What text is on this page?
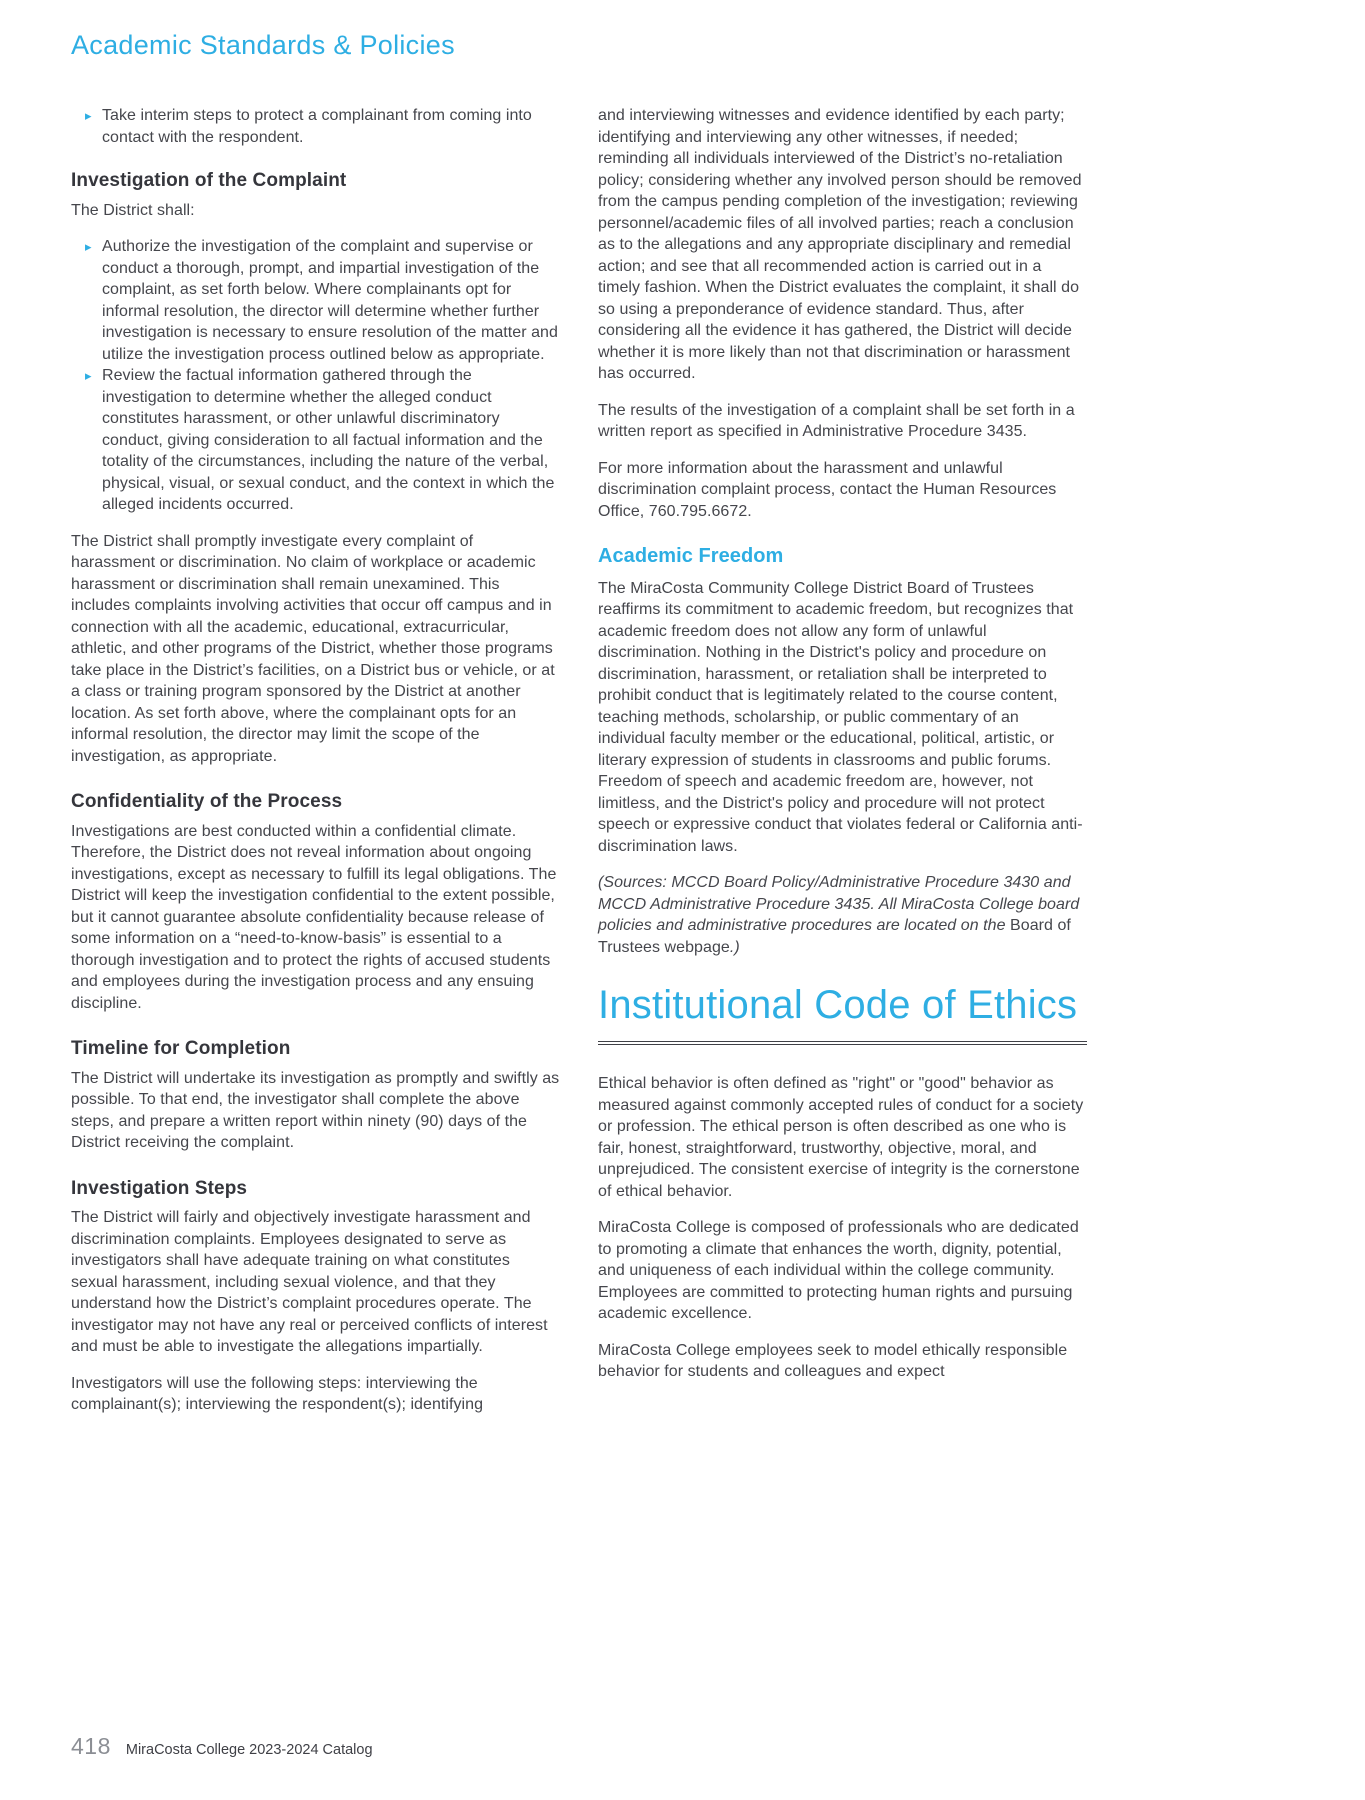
Academic Standards & Policies
▸ Take interim steps to protect a complainant from coming into contact with the respondent.
Investigation of the Complaint

The District shall:

▸ Authorize the investigation of the complaint and supervise or conduct a thorough, prompt, and impartial investigation of the complaint, as set forth below. Where complainants opt for informal resolution, the director will determine whether further investigation is necessary to ensure resolution of the matter and utilize the investigation process outlined below as appropriate.
▸ Review the factual information gathered through the investigation to determine whether the alleged conduct constitutes harassment, or other unlawful discriminatory conduct, giving consideration to all factual information and the totality of the circumstances, including the nature of the verbal, physical, visual, or sexual conduct, and the context in which the alleged incidents occurred.

The District shall promptly investigate every complaint of harassment or discrimination. No claim of workplace or academic harassment or discrimination shall remain unexamined. This includes complaints involving activities that occur off campus and in connection with all the academic, educational, extracurricular, athletic, and other programs of the District, whether those programs take place in the District’s facilities, on a District bus or vehicle, or at a class or training program sponsored by the District at another location. As set forth above, where the complainant opts for an informal resolution, the director may limit the scope of the investigation, as appropriate.

Confidentiality of the Process

Investigations are best conducted within a confidential climate. Therefore, the District does not reveal information about ongoing investigations, except as necessary to fulfill its legal obligations. The District will keep the investigation confidential to the extent possible, but it cannot guarantee absolute confidentiality because release of some information on a “need-to-know-basis” is essential to a thorough investigation and to protect the rights of accused students and employees during the investigation process and any ensuing discipline.

Timeline for Completion

The District will undertake its investigation as promptly and swiftly as possible. To that end, the investigator shall complete the above steps, and prepare a written report within ninety (90) days of the District receiving the complaint.

Investigation Steps

The District will fairly and objectively investigate harassment and discrimination complaints. Employees designated to serve as investigators shall have adequate training on what constitutes sexual harassment, including sexual violence, and that they understand how the District’s complaint procedures operate. The investigator may not have any real or perceived conflicts of interest and must be able to investigate the allegations impartially.

Investigators will use the following steps: interviewing the complainant(s); interviewing the respondent(s); identifying

and interviewing witnesses and evidence identified by each party; identifying and interviewing any other witnesses, if needed; reminding all individuals interviewed of the District’s no-retaliation policy; considering whether any involved person should be removed from the campus pending completion of the investigation; reviewing personnel/academic files of all involved parties; reach a conclusion as to the allegations and any appropriate disciplinary and remedial action; and see that all recommended action is carried out in a timely fashion. When the District evaluates the complaint, it shall do so using a preponderance of evidence standard. Thus, after considering all the evidence it has gathered, the District will decide whether it is more likely than not that discrimination or harassment has occurred.

The results of the investigation of a complaint shall be set forth in a written report as specified in Administrative Procedure 3435.

For more information about the harassment and unlawful discrimination complaint process, contact the Human Resources Office, 760.795.6672.

Academic Freedom

The MiraCosta Community College District Board of Trustees reaffirms its commitment to academic freedom, but recognizes that academic freedom does not allow any form of unlawful discrimination. Nothing in the District's policy and procedure on discrimination, harassment, or retaliation shall be interpreted to prohibit conduct that is legitimately related to the course content, teaching methods, scholarship, or public commentary of an individual faculty member or the educational, political, artistic, or literary expression of students in classrooms and public forums. Freedom of speech and academic freedom are, however, not limitless, and the District's policy and procedure will not protect speech or expressive conduct that violates federal or California anti-discrimination laws.

(Sources: MCCD Board Policy/Administrative Procedure 3430 and MCCD Administrative Procedure 3435. All MiraCosta College board policies and administrative procedures are located on the Board of Trustees webpage.)

Institutional Code of Ethics

Ethical behavior is often defined as "right" or "good" behavior as measured against commonly accepted rules of conduct for a society or profession. The ethical person is often described as one who is fair, honest, straightforward, trustworthy, objective, moral, and unprejudiced. The consistent exercise of integrity is the cornerstone of ethical behavior.

MiraCosta College is composed of professionals who are dedicated to promoting a climate that enhances the worth, dignity, potential, and uniqueness of each individual within the college community. Employees are committed to protecting human rights and pursuing academic excellence.

MiraCosta College employees seek to model ethically responsible behavior for students and colleagues and expect

418 MiraCosta College 2023-2024 Catalog
